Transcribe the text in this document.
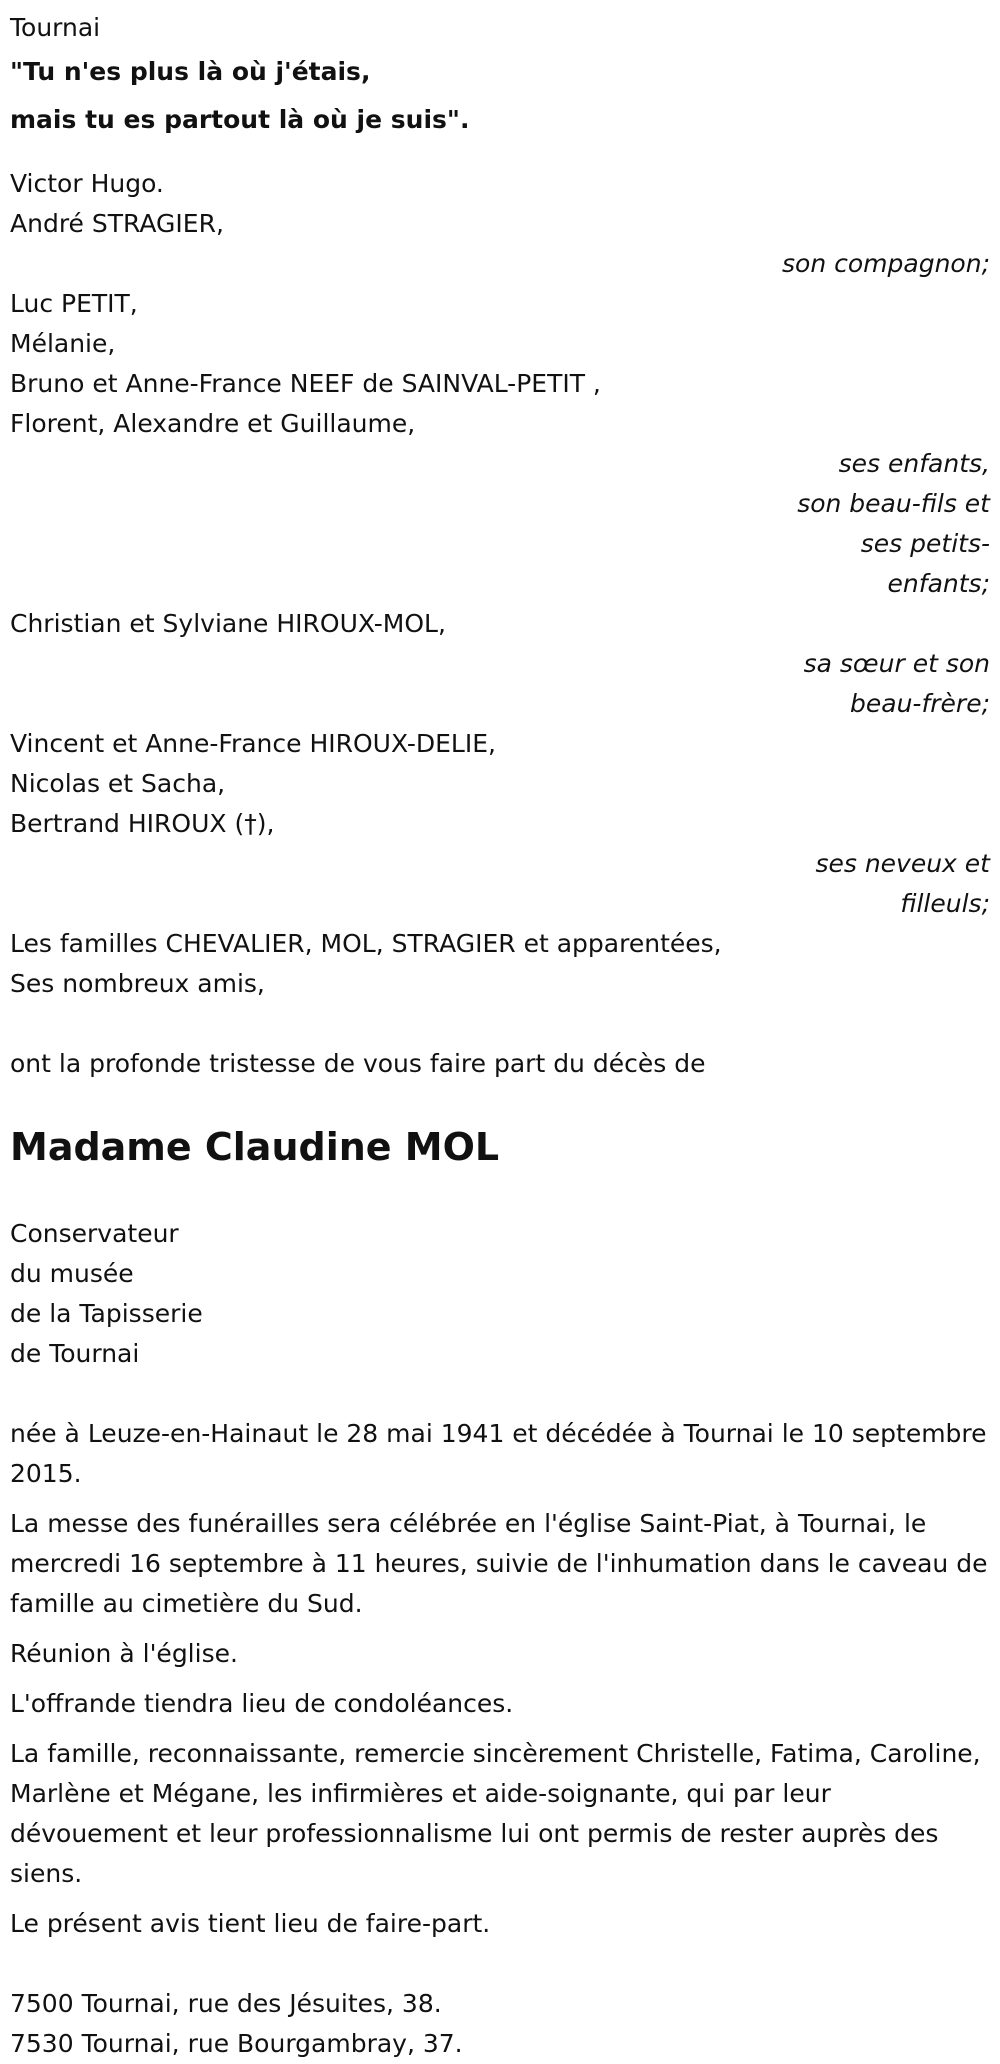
Tournai

"Tu n'es plus là où j'étais,
mais tu es partout là où je suis".

Victor Hugo.

André STRAGIER,

son compagnon;

Luc PETIT,

Mélanie,

Bruno et Anne-France NEEF de SAINVAL-PETIT ,

Florent, Alexandre et Guillaume,

ses enfants, son beau-fils et ses petits-enfants;

Christian et Sylviane HIROUX-MOL,

sa sœur et son beau-frère;

Vincent et Anne-France HIROUX-DELIE,

Nicolas et Sacha,

Bertrand HIROUX (†),

ses neveux et filleuls;

Les familles CHEVALIER, MOL, STRAGIER et apparentées,

Ses nombreux amis,

ont la profonde tristesse de vous faire part du décès de

Madame Claudine MOL

Conservateur

du musée

de la Tapisserie

de Tournai

née à Leuze-en-Hainaut le 28 mai 1941 et décédée à Tournai le 10 septembre 2015.

La messe des funérailles sera célébrée en l'église Saint-Piat, à Tournai, le mercredi 16 septembre à 11 heures, suivie de l'inhumation dans le caveau de famille au cimetière du Sud.

Réunion à l'église.

L'offrande tiendra lieu de condoléances.

La famille, reconnaissante, remercie sincèrement Christelle, Fatima, Caroline, Marlène et Mégane, les infirmières et aide-soignante, qui par leur dévouement et leur professionnalisme lui ont permis de rester auprès des siens.

Le présent avis tient lieu de faire-part.

7500 Tournai, rue des Jésuites, 38.

7530 Tournai, rue Bourgambray, 37.
